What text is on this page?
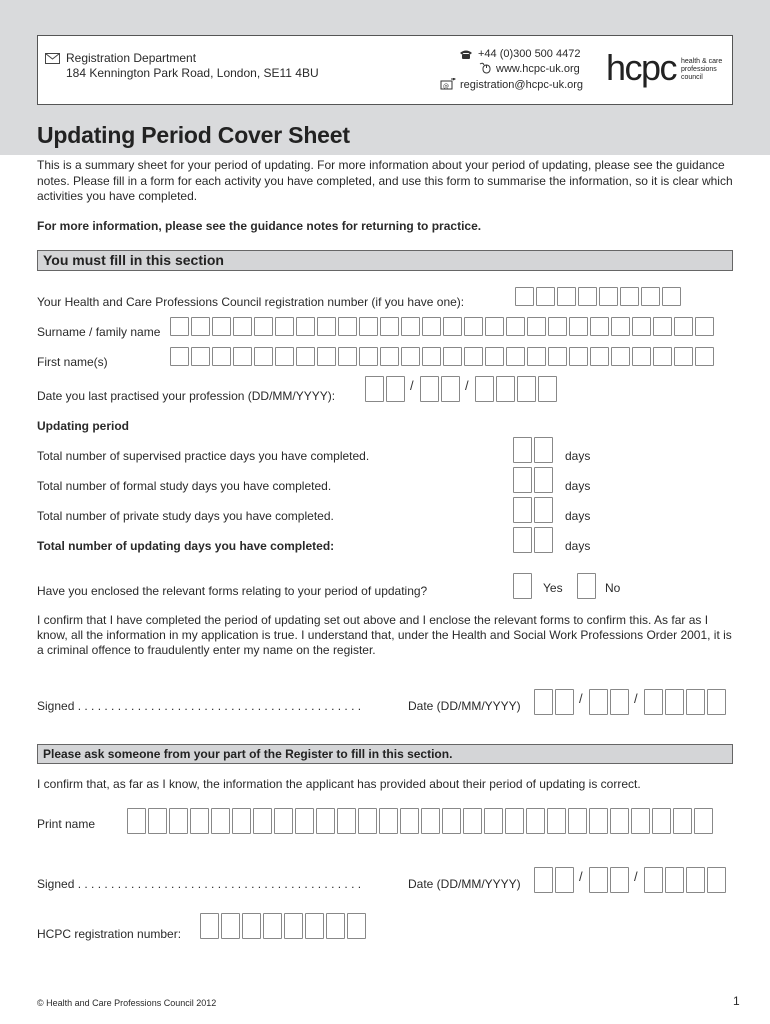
Registration Department
184 Kennington Park Road, London, SE11 4BU
+44 (0)300 500 4472
www.hcpc-uk.org
@ registration@hcpc-uk.org hcpc health & care
professions
council
Updating Period Cover Sheet
This is a summary sheet for your period of updating. For more information about your period of updating, please see the guidance notes. Please fill in a form for each activity you have completed, and use this form to summarise the information, so it is clear which activities you have completed.
For more information, please see the guidance notes for returning to practice.
You must fill in this section
Your Health and Care Professions Council registration number (if you have one):
Surname / family name
First name(s)
Date you last practised your profession (DD/MM/YYYY):
/	/
Updating period
Total number of supervised practice days you have completed.	days
Total number of formal study days you have completed.	days
Total number of private study days you have completed.	days
Total number of updating days you have completed:	days
Have you enclosed the relevant forms relating to your period of updating?	Yes	No
I confirm that I have completed the period of updating set out above and I enclose the relevant forms to confirm this. As far as I know, all the information in my application is true. I understand that, under the Health and Social Work Professions Order 2001, it is a criminal offence to fraudulently enter my name on the register.
Signed . . . . . . . . . . . . . . . . . . . . . . . . . . . . . . . . . . . . . . . . . . .	Date (DD/MM/YYYY)	/	/
Please ask someone from your part of the Register to fill in this section.
I confirm that, as far as I know, the information the applicant has provided about their period of updating is correct.
Print name
Signed . . . . . . . . . . . . . . . . . . . . . . . . . . . . . . . . . . . . . . . . . . .	Date (DD/MM/YYYY)	/	/
HCPC registration number:
© Health and Care Professions Council 2012	1
